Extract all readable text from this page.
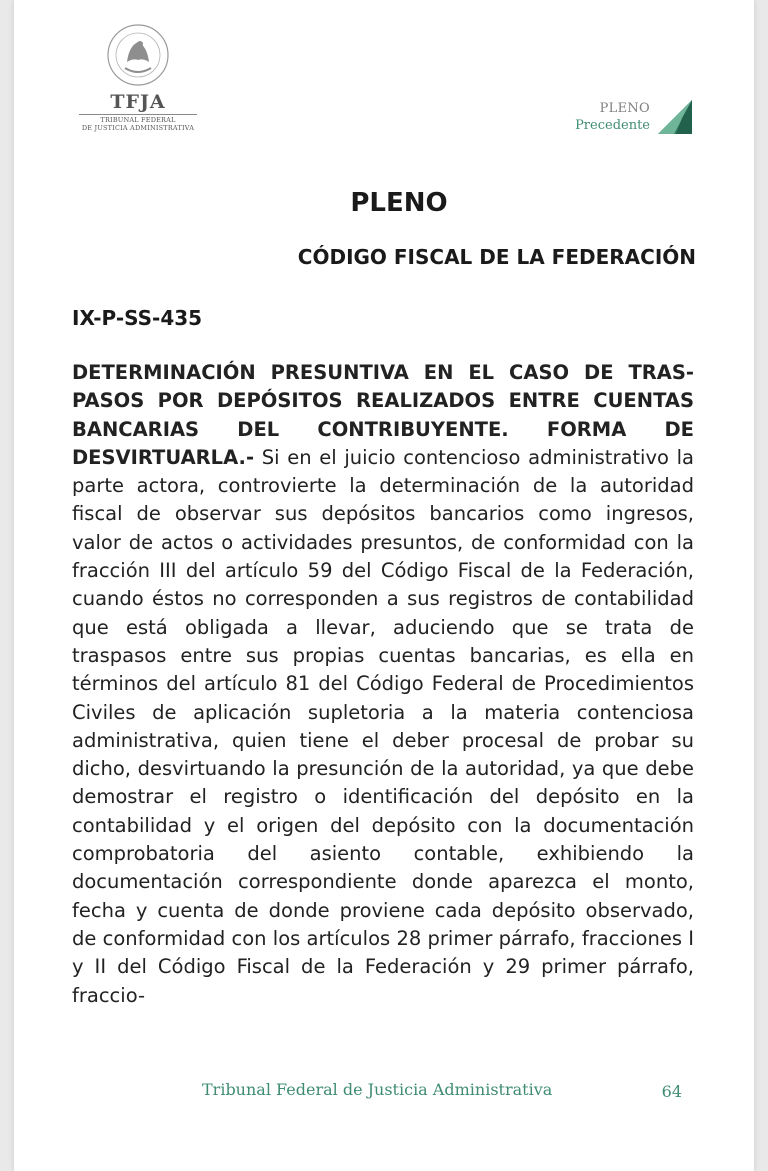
TFJA
TRIBUNAL FEDERAL
DE JUSTICIA ADMINISTRATIVA
PLENO
Precedente
PLENO
CÓDIGO FISCAL DE LA FEDERACIÓN
IX-P-SS-435
DETERMINACIÓN PRESUNTIVA EN EL CASO DE TRASPASOS POR DEPÓSITOS REALIZADOS ENTRE CUENTAS BANCARIAS DEL CONTRIBUYENTE. FORMA DE DESVIRTUARLA.- Si en el juicio contencioso administrativo la parte actora, controvierte la determinación de la autoridad fiscal de observar sus depósitos bancarios como ingresos, valor de actos o actividades presuntos, de conformidad con la fracción III del artículo 59 del Código Fiscal de la Federación, cuando éstos no corresponden a sus registros de contabilidad que está obligada a llevar, aduciendo que se trata de traspasos entre sus propias cuentas bancarias, es ella en términos del artículo 81 del Código Federal de Procedimientos Civiles de aplicación supletoria a la materia contenciosa administrativa, quien tiene el deber procesal de probar su dicho, desvirtuando la presunción de la autoridad, ya que debe demostrar el registro o identificación del depósito en la contabilidad y el origen del depósito con la documentación comprobatoria del asiento contable, exhibiendo la documentación correspondiente donde aparezca el monto, fecha y cuenta de donde proviene cada depósito observado, de conformidad con los artículos 28 primer párrafo, fracciones I y II del Código Fiscal de la Federación y 29 primer párrafo, fraccio-
Tribunal Federal de Justicia Administrativa	64
